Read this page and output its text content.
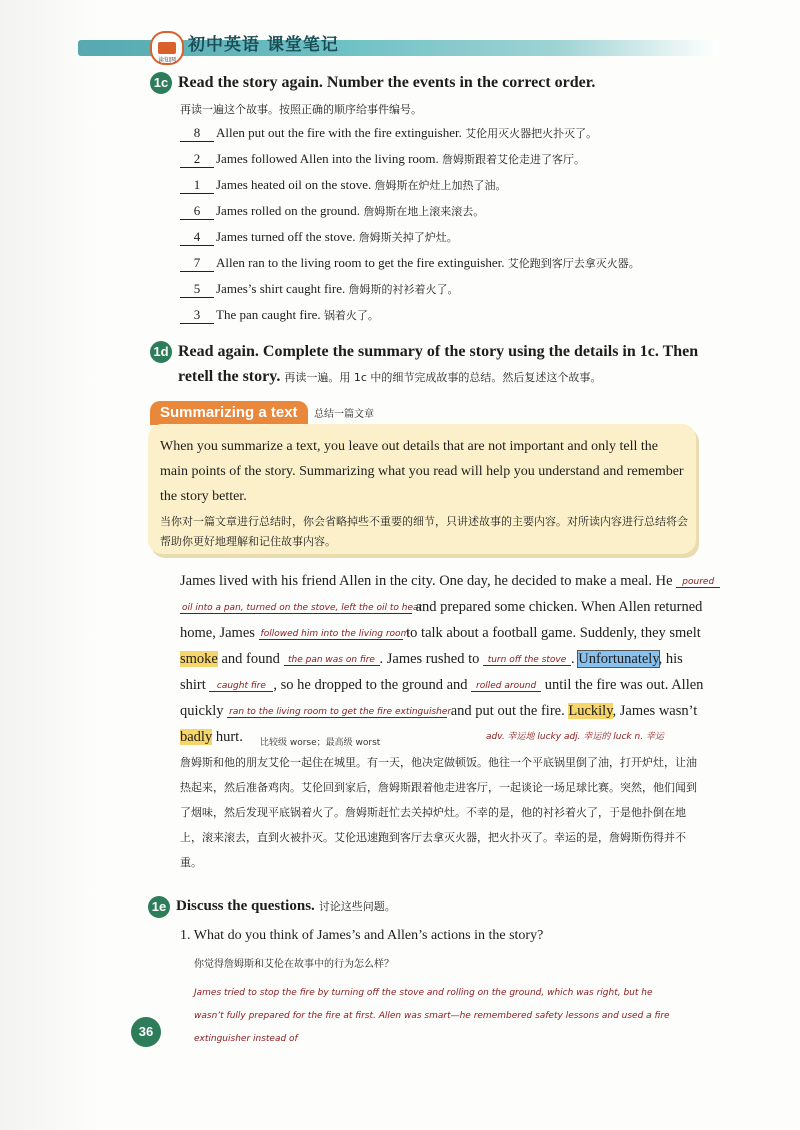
读知网
初中英语 课堂笔记
1c Read the story again. Number the events in the correct order.
再读一遍这个故事。按照正确的顺序给事件编号。
8 Allen put out the fire with the fire extinguisher. 艾伦用灭火器把火扑灭了。
2 James followed Allen into the living room. 詹姆斯跟着艾伦走进了客厅。
1 James heated oil on the stove. 詹姆斯在炉灶上加热了油。
6 James rolled on the ground. 詹姆斯在地上滚来滚去。
4 James turned off the stove. 詹姆斯关掉了炉灶。
7 Allen ran to the living room to get the fire extinguisher. 艾伦跑到客厅去拿灭火器。
5 James’s shirt caught fire. 詹姆斯的衬衫着火了。
3 The pan caught fire. 锅着火了。
1d Read again. Complete the summary of the story using the details in 1c. Then
retell the story. 再读一遍。用 1c 中的细节完成故事的总结。然后复述这个故事。
Summarizing a text	总结一篇文章
When you summarize a text, you leave out details that are not important and only tell the main points of the story. Summarizing what you read will help you understand and remember the story better.
当你对一篇文章进行总结时，你会省略掉些不重要的细节，只讲述故事的主要内容。对所读内容进行总结将会帮助你更好地理解和记住故事内容。
James lived with his friend Allen in the city. One day, he decided to make a meal. He poured
oil into a pan, turned on the stove, left the oil to heat and prepared some chicken. When Allen returned
home, James followed him into the living room to talk about a football game. Suddenly, they smelt
smoke and found the pan was on fire . James rushed to turn off the stove . Unfortunately, his
shirt caught fire , so he dropped to the ground and rolled around until the fire was out. Allen
quickly ran to the living room to get the fire extinguisher and put out the fire. Luckily, James wasn’t
badly hurt. 比较级 worse；最高级 worst
adv. 幸运地 lucky adj. 幸运的 luck n. 幸运
詹姆斯和他的朋友艾伦一起住在城里。有一天，他决定做顿饭。他往一个平底锅里倒了油，打开炉灶，让油热起来，然后准备鸡肉。艾伦回到家后，詹姆斯跟着他走进客厅，一起谈论一场足球比赛。突然，他们闻到了烟味，然后发现平底锅着火了。詹姆斯赶忙去关掉炉灶。不幸的是，他的衬衫着火了，于是他扑倒在地上，滚来滚去，直到火被扑灭。艾伦迅速跑到客厅去拿灭火器，把火扑灭了。幸运的是，詹姆斯伤得并不重。
1e Discuss the questions. 讨论这些问题。
1. What do you think of James’s and Allen’s actions in the story?
你觉得詹姆斯和艾伦在故事中的行为怎么样？
James tried to stop the fire by turning off the stove and rolling on the ground, which was right, but he wasn’t fully prepared for the fire at first. Allen was smart—he remembered safety lessons and used a fire extinguisher instead of
36
